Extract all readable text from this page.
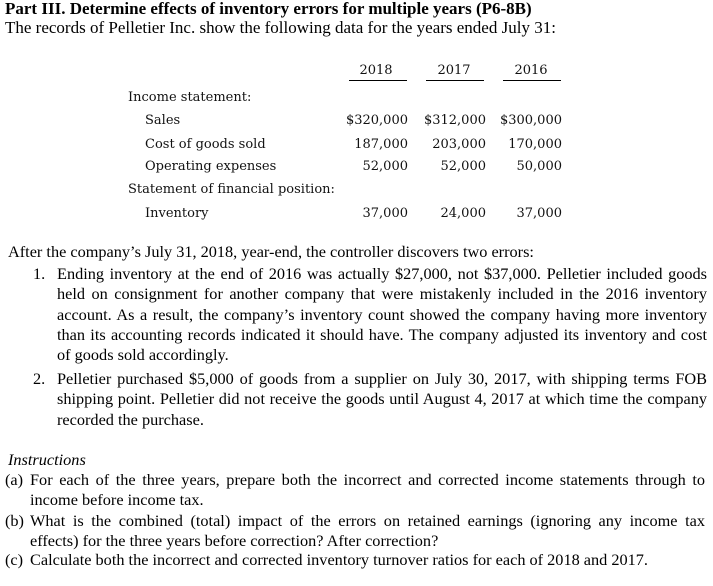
Part III. Determine effects of inventory errors for multiple years (P6-8B)
The records of Pelletier Inc. show the following data for the years ended July 31:
2018	2017	2016
Income statement:
Sales	$320,000	$312,000	$300,000
Cost of goods sold	187,000	203,000	170,000
Operating expenses	52,000	52,000	50,000
Statement of financial position:
Inventory	37,000	24,000	37,000
After the company’s July 31, 2018, year-end, the controller discovers two errors:
1. Ending inventory at the end of 2016 was actually $27,000, not $37,000. Pelletier included goods held on consignment for another company that were mistakenly included in the 2016 inventory account. As a result, the company’s inventory count showed the company having more inventory than its accounting records indicated it should have. The company adjusted its inventory and cost of goods sold accordingly.
2. Pelletier purchased $5,000 of goods from a supplier on July 30, 2017, with shipping terms FOB shipping point. Pelletier did not receive the goods until August 4, 2017 at which time the company recorded the purchase.
Instructions
(a) For each of the three years, prepare both the incorrect and corrected income statements through to income before income tax.
(b) What is the combined (total) impact of the errors on retained earnings (ignoring any income tax effects) for the three years before correction? After correction?
(c) Calculate both the incorrect and corrected inventory turnover ratios for each of 2018 and 2017.
